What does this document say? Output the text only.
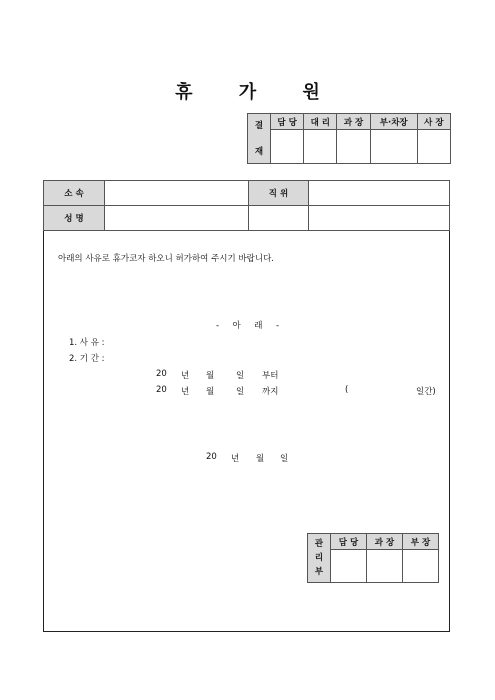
휴 가 원
결
재	담 당	대 리	과 장	부·차장	사 장

소 속		직 위	
성 명			
아래의 사유로 휴가코자 하오니 허가하여 주시기 바랍니다.
-     아     래     -
1. 사 유 :
2. 기 간 :
20 년 월	일 부터
20 년 월	일 까지	(	일간)
20 년 월 일
관
리
부	담 당	과 장	부 장
